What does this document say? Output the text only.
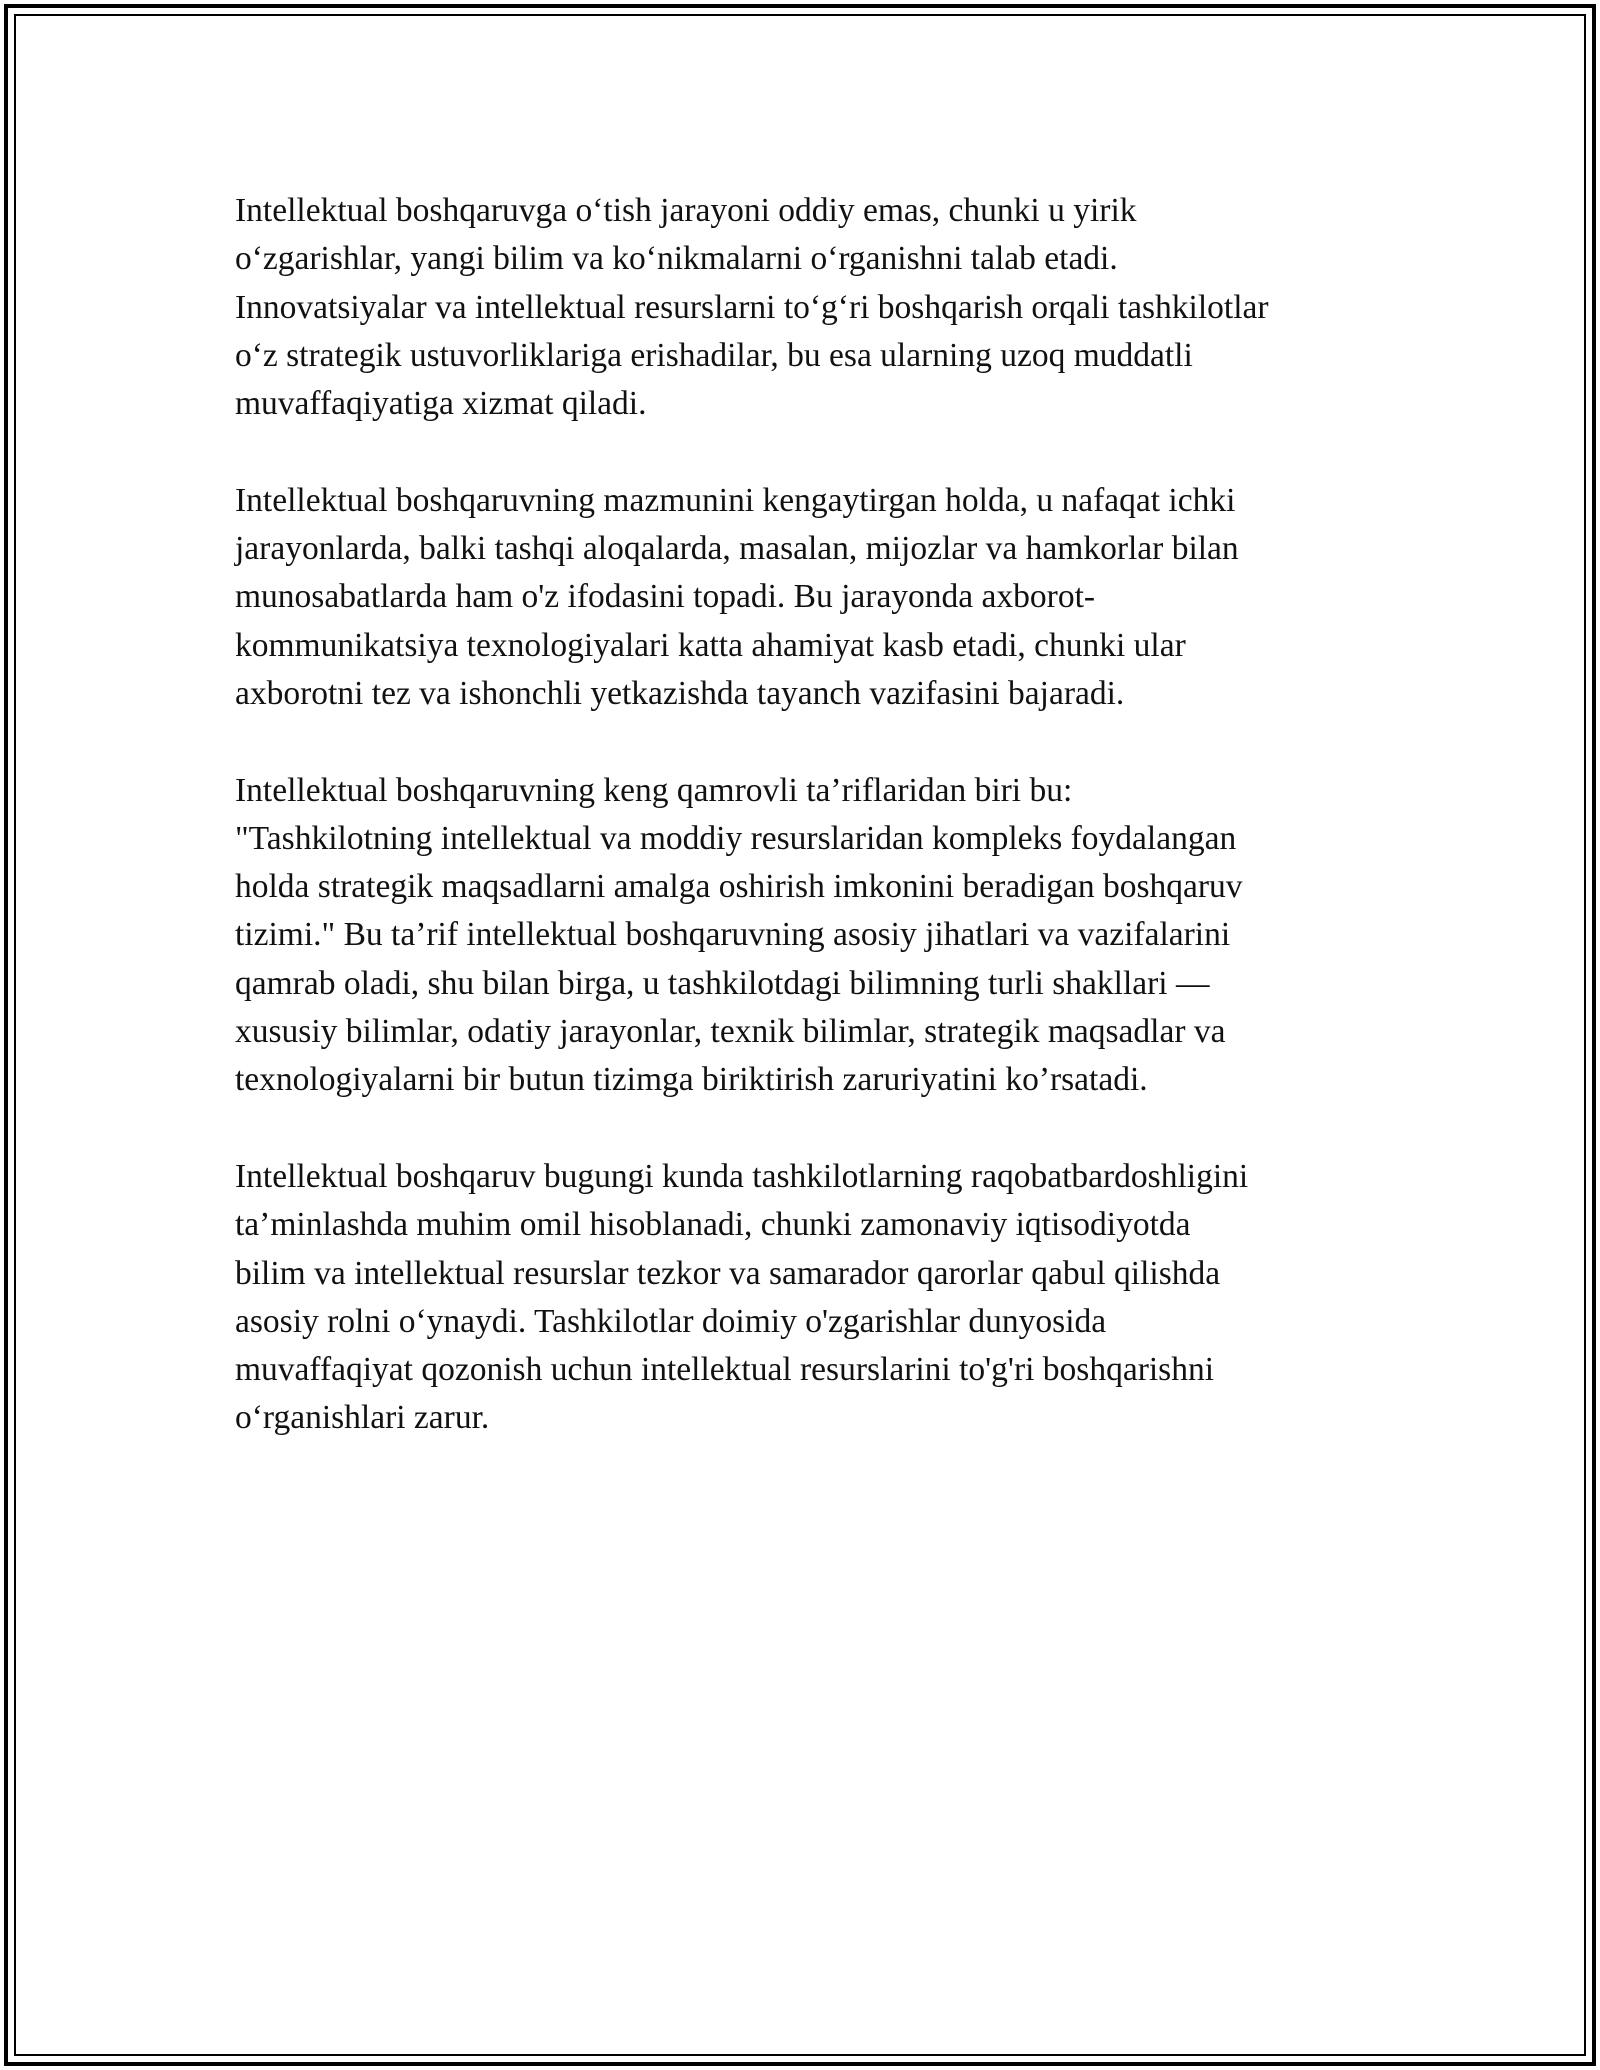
Intellektual boshqaruvga o‘tish jarayoni oddiy emas, chunki u yirik
o‘zgarishlar, yangi bilim va ko‘nikmalarni o‘rganishni talab etadi.
Innovatsiyalar va intellektual resurslarni to‘g‘ri boshqarish orqali tashkilotlar
o‘z strategik ustuvorliklariga erishadilar, bu esa ularning uzoq muddatli
muvaffaqiyatiga xizmat qiladi.

Intellektual boshqaruvning mazmunini kengaytirgan holda, u nafaqat ichki
jarayonlarda, balki tashqi aloqalarda, masalan, mijozlar va hamkorlar bilan
munosabatlarda ham o'z ifodasini topadi. Bu jarayonda axborot-
kommunikatsiya texnologiyalari katta ahamiyat kasb etadi, chunki ular
axborotni tez va ishonchli yetkazishda tayanch vazifasini bajaradi.

Intellektual boshqaruvning keng qamrovli ta’riflaridan biri bu:
"Tashkilotning intellektual va moddiy resurslaridan kompleks foydalangan
holda strategik maqsadlarni amalga oshirish imkonini beradigan boshqaruv
tizimi." Bu ta’rif intellektual boshqaruvning asosiy jihatlari va vazifalarini
qamrab oladi, shu bilan birga, u tashkilotdagi bilimning turli shakllari —
xususiy bilimlar, odatiy jarayonlar, texnik bilimlar, strategik maqsadlar va
texnologiyalarni bir butun tizimga biriktirish zaruriyatini ko’rsatadi.

Intellektual boshqaruv bugungi kunda tashkilotlarning raqobatbardoshligini
ta’minlashda muhim omil hisoblanadi, chunki zamonaviy iqtisodiyotda
bilim va intellektual resurslar tezkor va samarador qarorlar qabul qilishda
asosiy rolni o‘ynaydi. Tashkilotlar doimiy o'zgarishlar dunyosida
muvaffaqiyat qozonish uchun intellektual resurslarini to'g'ri boshqarishni
o‘rganishlari zarur.
